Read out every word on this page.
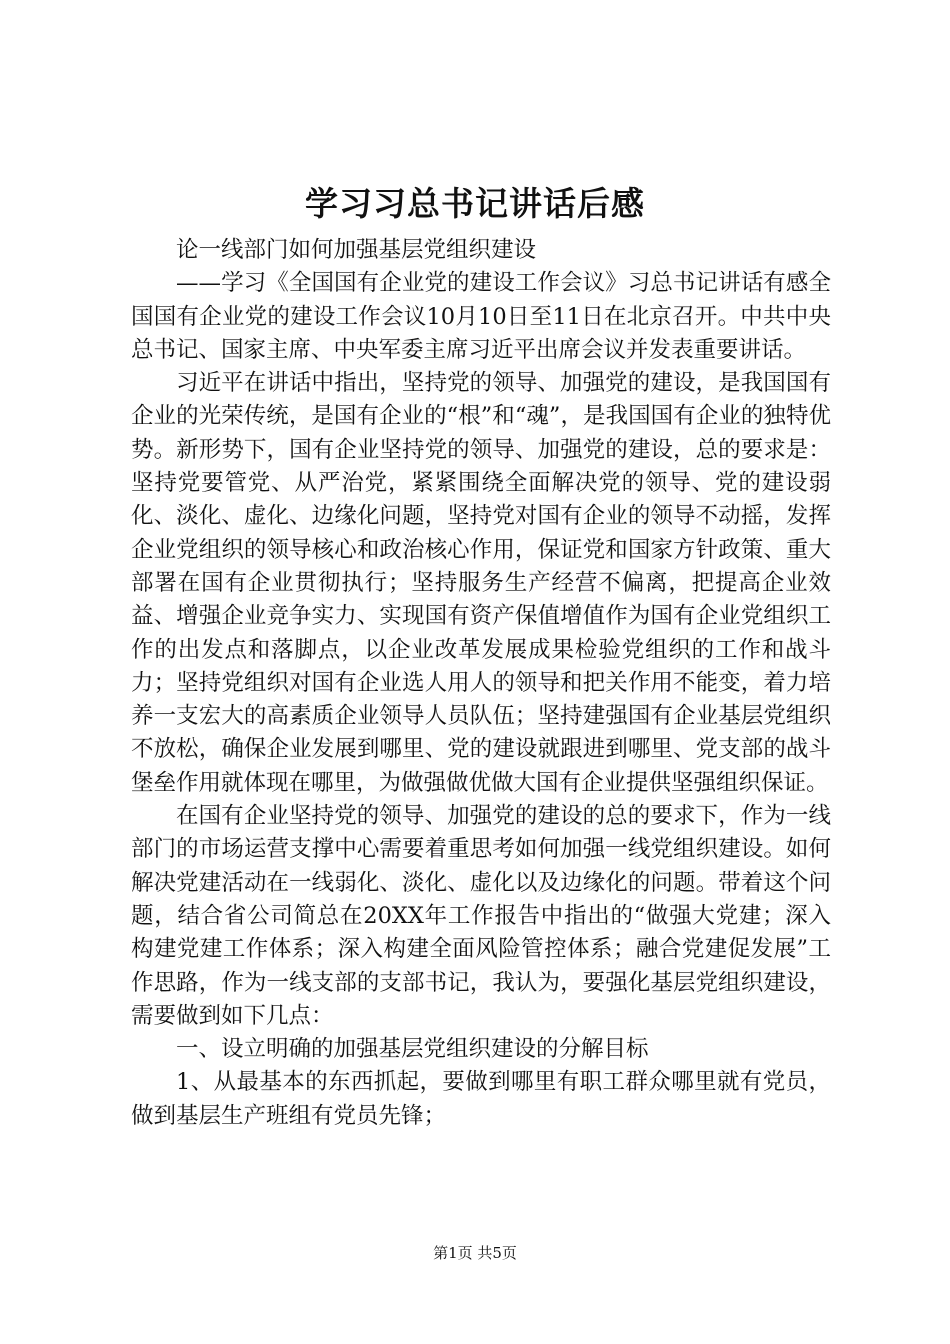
学习习总书记讲话后感

论一线部门如何加强基层党组织建设

——学习《全国国有企业党的建设工作会议》习总书记讲话有感全国国有企业党的建设工作会议10月10日至11日在北京召开。中共中央总书记、国家主席、中央军委主席习近平出席会议并发表重要讲话。

习近平在讲话中指出，坚持党的领导、加强党的建设，是我国国有企业的光荣传统，是国有企业的“根”和“魂”，是我国国有企业的独特优势。新形势下，国有企业坚持党的领导、加强党的建设，总的要求是：坚持党要管党、从严治党，紧紧围绕全面解决党的领导、党的建设弱化、淡化、虚化、边缘化问题，坚持党对国有企业的领导不动摇，发挥企业党组织的领导核心和政治核心作用，保证党和国家方针政策、重大部署在国有企业贯彻执行；坚持服务生产经营不偏离，把提高企业效益、增强企业竞争实力、实现国有资产保值增值作为国有企业党组织工作的出发点和落脚点，以企业改革发展成果检验党组织的工作和战斗力；坚持党组织对国有企业选人用人的领导和把关作用不能变，着力培养一支宏大的高素质企业领导人员队伍；坚持建强国有企业基层党组织不放松，确保企业发展到哪里、党的建设就跟进到哪里、党支部的战斗堡垒作用就体现在哪里，为做强做优做大国有企业提供坚强组织保证。

在国有企业坚持党的领导、加强党的建设的总的要求下，作为一线部门的市场运营支撑中心需要着重思考如何加强一线党组织建设。如何解决党建活动在一线弱化、淡化、虚化以及边缘化的问题。带着这个问题，结合省公司简总在20XX年工作报告中指出的“做强大党建；深入构建党建工作体系；深入构建全面风险管控体系；融合党建促发展”工作思路，作为一线支部的支部书记，我认为，要强化基层党组织建设，需要做到如下几点：

一、设立明确的加强基层党组织建设的分解目标

1、从最基本的东西抓起，要做到哪里有职工群众哪里就有党员，做到基层生产班组有党员先锋；

第1页 共5页
